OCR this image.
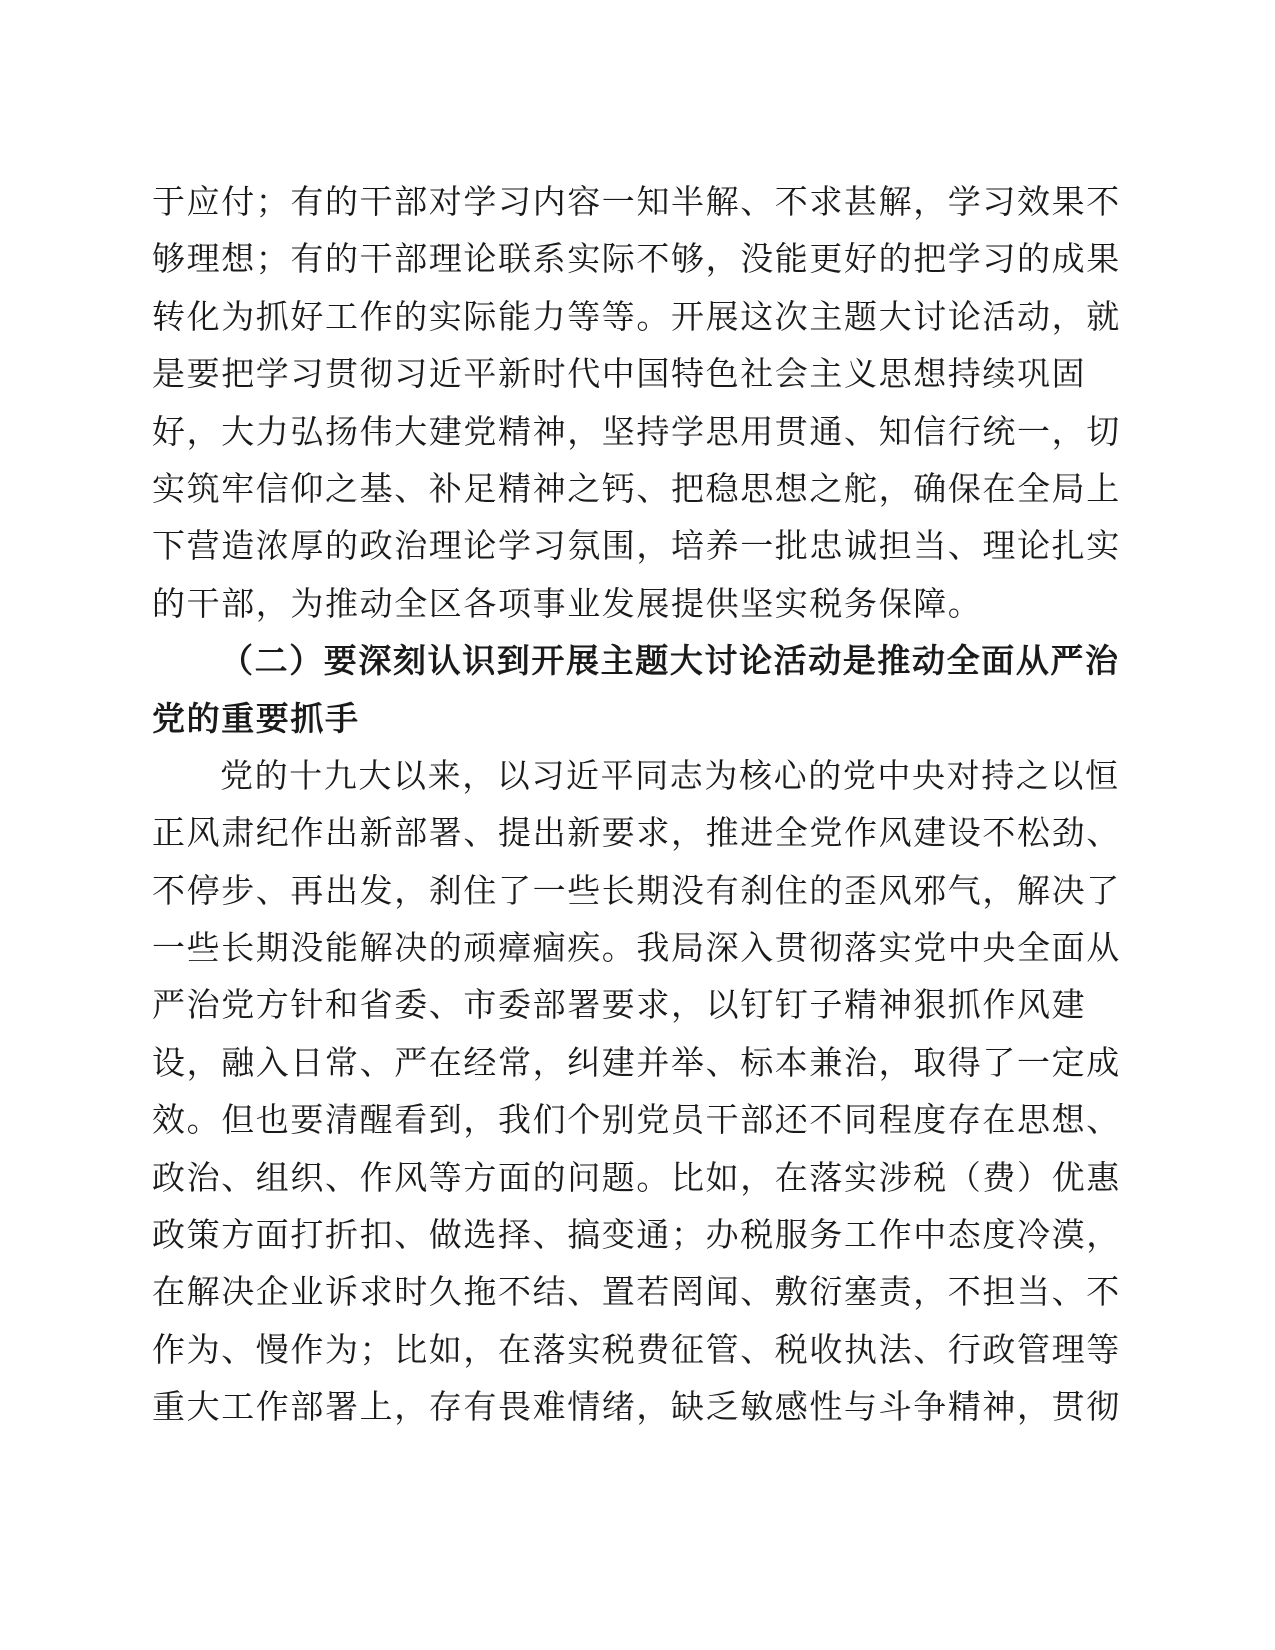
于应付；有的干部对学习内容一知半解、不求甚解，学习效果不
够理想；有的干部理论联系实际不够，没能更好的把学习的成果
转化为抓好工作的实际能力等等。开展这次主题大讨论活动，就
是要把学习贯彻习近平新时代中国特色社会主义思想持续巩固
好，大力弘扬伟大建党精神，坚持学思用贯通、知信行统一，切
实筑牢信仰之基、补足精神之钙、把稳思想之舵，确保在全局上
下营造浓厚的政治理论学习氛围，培养一批忠诚担当、理论扎实
的干部，为推动全区各项事业发展提供坚实税务保障。
（二）要深刻认识到开展主题大讨论活动是推动全面从严治
党的重要抓手
党的十九大以来，以习近平同志为核心的党中央对持之以恒
正风肃纪作出新部署、提出新要求，推进全党作风建设不松劲、
不停步、再出发，刹住了一些长期没有刹住的歪风邪气，解决了
一些长期没能解决的顽瘴痼疾。我局深入贯彻落实党中央全面从
严治党方针和省委、市委部署要求，以钉钉子精神狠抓作风建
设，融入日常、严在经常，纠建并举、标本兼治，取得了一定成
效。但也要清醒看到，我们个别党员干部还不同程度存在思想、
政治、组织、作风等方面的问题。比如，在落实涉税（费）优惠
政策方面打折扣、做选择、搞变通；办税服务工作中态度冷漠，
在解决企业诉求时久拖不结、置若罔闻、敷衍塞责，不担当、不
作为、慢作为；比如，在落实税费征管、税收执法、行政管理等
重大工作部署上，存有畏难情绪，缺乏敏感性与斗争精神，贯彻
